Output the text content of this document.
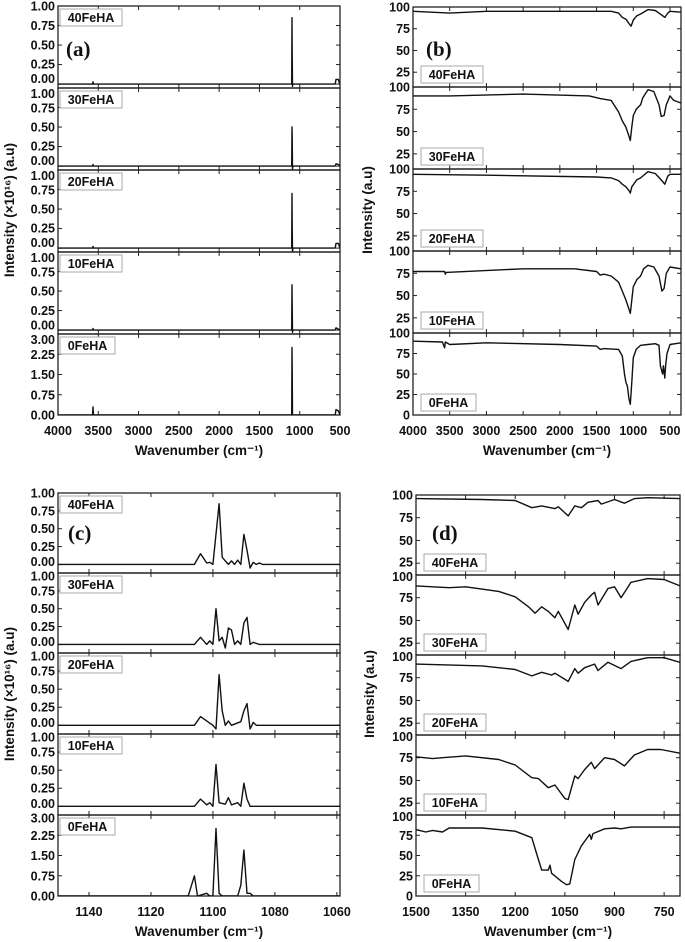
0.00
0.25
0.50
0.75
1.00
40FeHA
0.00
0.25
0.50
0.75
1.00 30FeHA
0.00
0.25
0.50
0.75
1.00 20FeHA
0.00
0.25
0.50
0.75
1.00 10FeHA
0.00
0.75
1.50
2.25
3.00 0FeHA
4000 3500 3000 2500 2000 1500 1000 500
Wavenumber (cm⁻¹)
Intensity (×10¹⁶) (a.u)
(a)
25
50
75
100
40FeHA
25
50
75
100
30FeHA
25
50
75
100
20FeHA
25
50
75
100
10FeHA
0
25
50
75
100
0FeHA
4000 3500 3000 2500 2000 1500 1000 500
Wavenumber (cm⁻¹)
Intensity (a.u)
(b)
0.00
0.25
0.50
0.75
1.00
40FeHA
0.00
0.25
0.50
0.75
1.00
30FeHA
0.00
0.25
0.50
0.75
1.00
20FeHA
0.00
0.25
0.50
0.75
1.00
10FeHA
0.00
0.75
1.50
2.25
3.00
0FeHA
1140	1120	1100	1080	1060
Wavenumber (cm⁻¹)
Intensity (×10¹⁶) (a.u)
(c)
25
50
75
100
40FeHA
25
50
75
100
30FeHA
25
50
75
100
20FeHA
25
50
75
100
10FeHA
0
25
50
75
100
0FeHA
1500 1350 1200 1050 900 750
Wavenumber (cm⁻¹)
Intensity (a.u)
(d)
